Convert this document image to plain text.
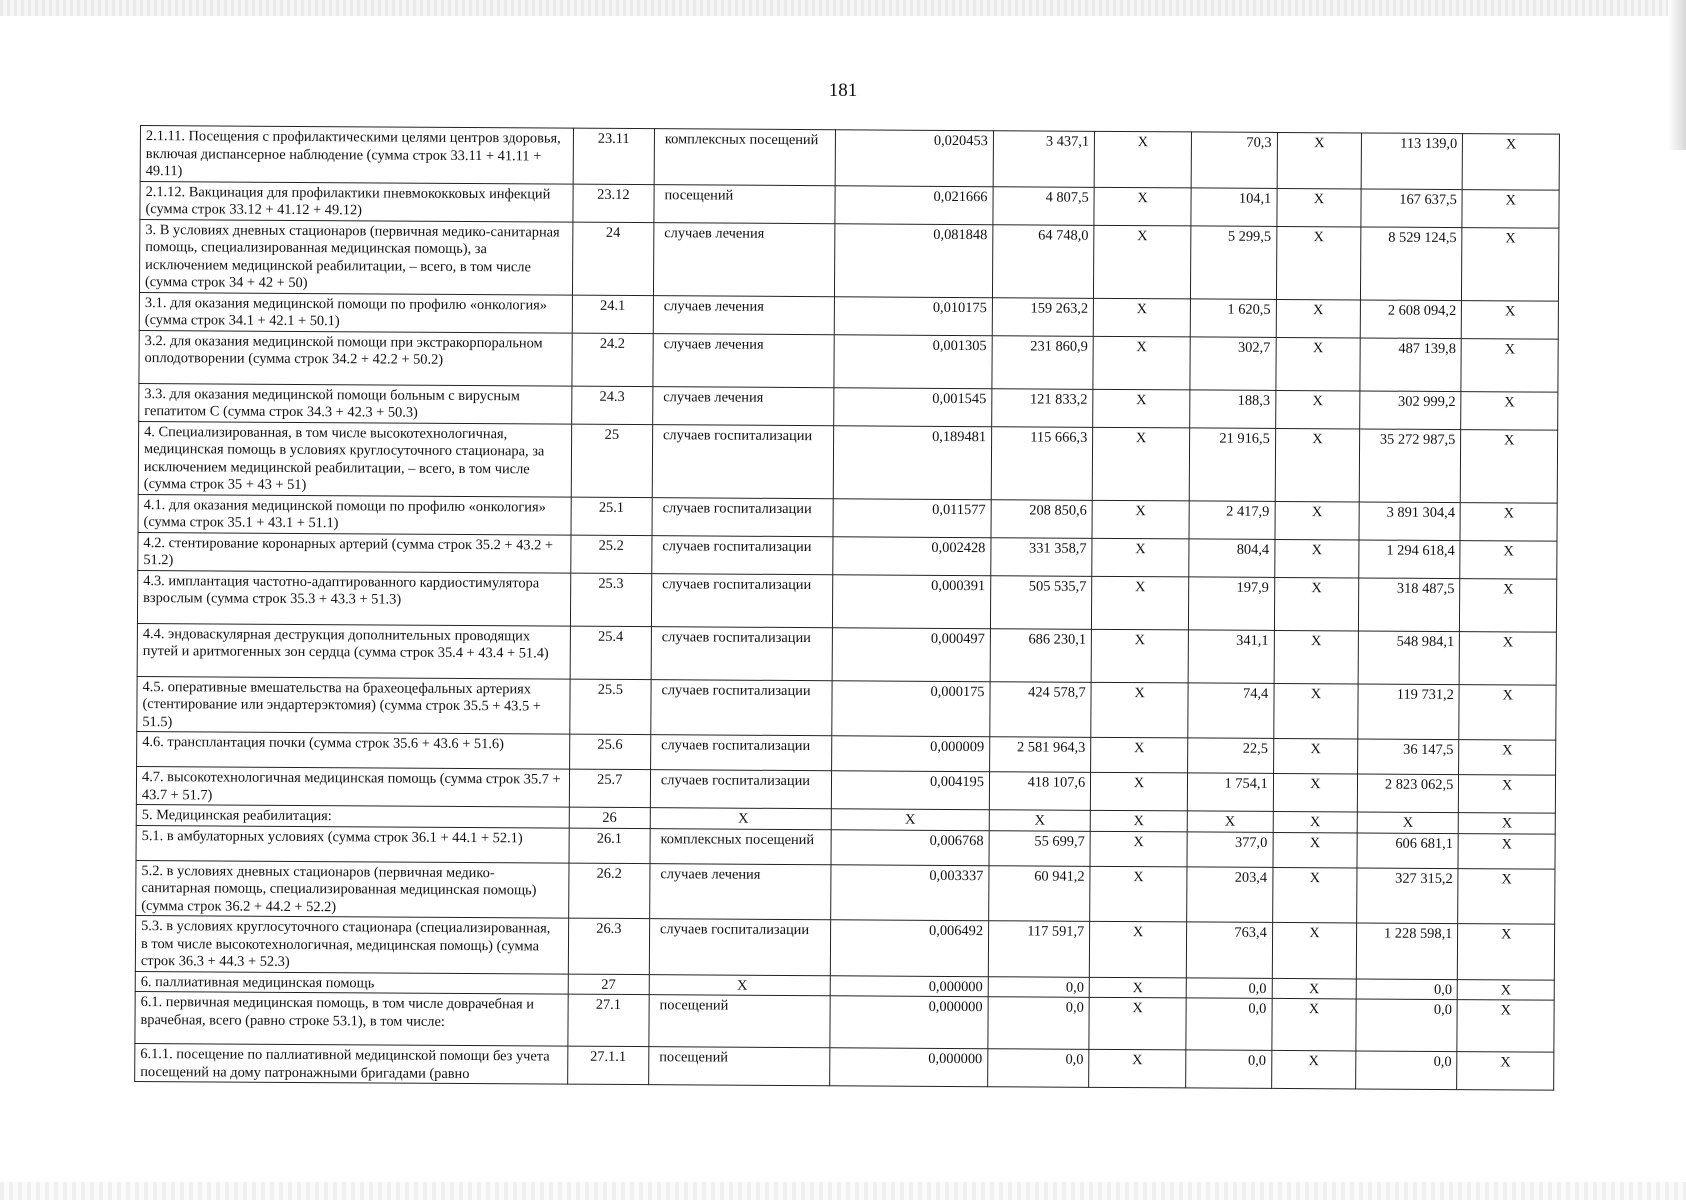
181
2.1.11. Посещения с профилактическими целями центров здоровья, включая диспансерное наблюдение (сумма строк 33.11 + 41.11 + 49.11)	23.11	комплексных посещений	0,020453	3 437,1	X	70,3	X	113 139,0	X
2.1.12. Вакцинация для профилактики пневмококковых инфекций (сумма строк 33.12 + 41.12 + 49.12)	23.12	посещений	0,021666	4 807,5	X	104,1	X	167 637,5	X
3. В условиях дневных стационаров (первичная медико-санитарная помощь, специализированная медицинская помощь), за исключением медицинской реабилитации, – всего, в том числе (сумма строк 34 + 42 + 50)	24	случаев лечения	0,081848	64 748,0	X	5 299,5	X	8 529 124,5	X
3.1. для оказания медицинской помощи по профилю «онкология» (сумма строк 34.1 + 42.1 + 50.1)	24.1	случаев лечения	0,010175	159 263,2	X	1 620,5	X	2 608 094,2	X
3.2. для оказания медицинской помощи при экстракорпоральном оплодотворении (сумма строк 34.2 + 42.2 + 50.2)	24.2	случаев лечения	0,001305	231 860,9	X	302,7	X	487 139,8	X
3.3. для оказания медицинской помощи больным с вирусным гепатитом С (сумма строк 34.3 + 42.3 + 50.3)	24.3	случаев лечения	0,001545	121 833,2	X	188,3	X	302 999,2	X
4. Специализированная, в том числе высокотехнологичная, медицинская помощь в условиях круглосуточного стационара, за исключением медицинской реабилитации, – всего, в том числе (сумма строк 35 + 43 + 51)	25	случаев госпитализации	0,189481	115 666,3	X	21 916,5	X	35 272 987,5	X
4.1. для оказания медицинской помощи по профилю «онкология» (сумма строк 35.1 + 43.1 + 51.1)	25.1	случаев госпитализации	0,011577	208 850,6	X	2 417,9	X	3 891 304,4	X
4.2. стентирование коронарных артерий (сумма строк 35.2 + 43.2 + 51.2)	25.2	случаев госпитализации	0,002428	331 358,7	X	804,4	X	1 294 618,4	X
4.3. имплантация частотно-адаптированного кардиостимулятора взрослым (сумма строк 35.3 + 43.3 + 51.3)	25.3	случаев госпитализации	0,000391	505 535,7	X	197,9	X	318 487,5	X
4.4. эндоваскулярная деструкция дополнительных проводящих путей и аритмогенных зон сердца (сумма строк 35.4 + 43.4 + 51.4)	25.4	случаев госпитализации	0,000497	686 230,1	X	341,1	X	548 984,1	X
4.5. оперативные вмешательства на брахеоцефальных артериях (стентирование или эндартерэктомия) (сумма строк 35.5 + 43.5 + 51.5)	25.5	случаев госпитализации	0,000175	424 578,7	X	74,4	X	119 731,2	X
4.6. трансплантация почки (сумма строк 35.6 + 43.6 + 51.6)	25.6	случаев госпитализации	0,000009	2 581 964,3	X	22,5	X	36 147,5	X
4.7. высокотехнологичная медицинская помощь (сумма строк 35.7 + 43.7 + 51.7)	25.7	случаев госпитализации	0,004195	418 107,6	X	1 754,1	X	2 823 062,5	X
5. Медицинская реабилитация:	26	X	X	X	X	X	X	X	X
5.1. в амбулаторных условиях (сумма строк 36.1 + 44.1 + 52.1)	26.1	комплексных посещений	0,006768	55 699,7	X	377,0	X	606 681,1	X
5.2. в условиях дневных стационаров (первичная медико-санитарная помощь, специализированная медицинская помощь) (сумма строк 36.2 + 44.2 + 52.2)	26.2	случаев лечения	0,003337	60 941,2	X	203,4	X	327 315,2	X
5.3. в условиях круглосуточного стационара (специализированная, в том числе высокотехнологичная, медицинская помощь) (сумма строк 36.3 + 44.3 + 52.3)	26.3	случаев госпитализации	0,006492	117 591,7	X	763,4	X	1 228 598,1	X
6. паллиативная медицинская помощь	27	X	0,000000	0,0	X	0,0	X	0,0	X
6.1. первичная медицинская помощь, в том числе доврачебная и врачебная, всего (равно строке 53.1), в том числе:	27.1	посещений	0,000000	0,0	X	0,0	X	0,0	X
6.1.1. посещение по паллиативной медицинской помощи без учета посещений на дому патронажными бригадами (равно	27.1.1	посещений	0,000000	0,0	X	0,0	X	0,0	X
